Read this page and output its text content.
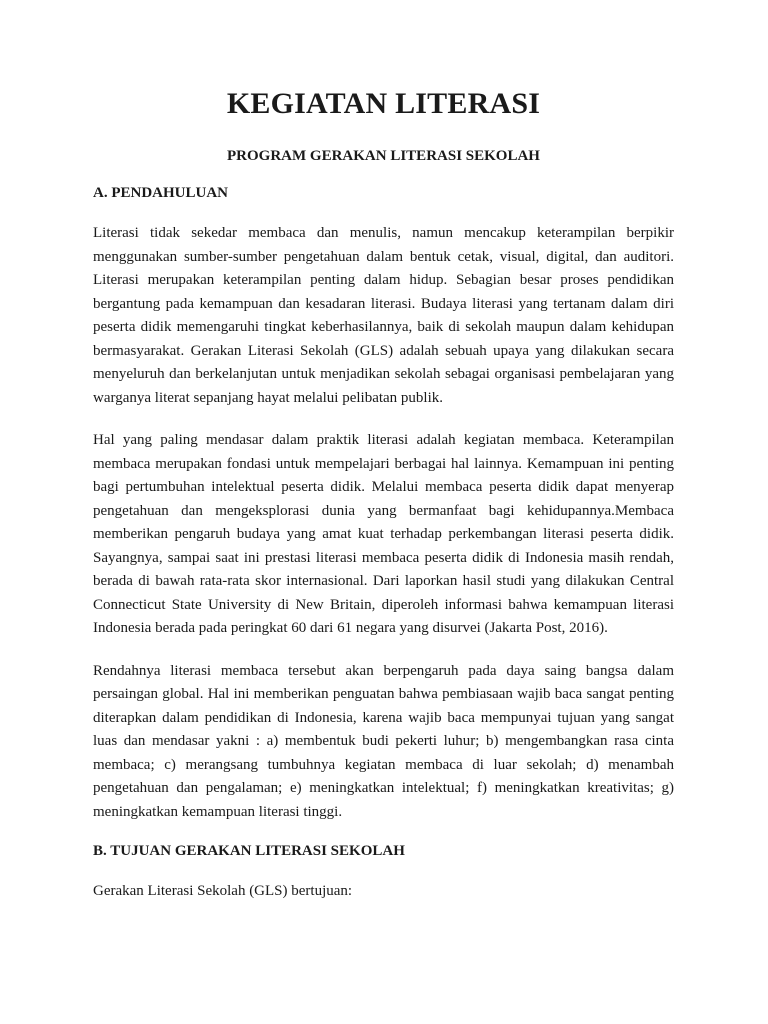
KEGIATAN LITERASI
PROGRAM GERAKAN LITERASI SEKOLAH
A. PENDAHULUAN

Literasi tidak sekedar membaca dan menulis, namun mencakup keterampilan berpikir menggunakan sumber-sumber pengetahuan dalam bentuk cetak, visual, digital, dan auditori. Literasi merupakan keterampilan penting dalam hidup. Sebagian besar proses pendidikan bergantung pada kemampuan dan kesadaran literasi. Budaya literasi yang tertanam dalam diri peserta didik memengaruhi tingkat keberhasilannya, baik di sekolah maupun dalam kehidupan bermasyarakat. Gerakan Literasi Sekolah (GLS) adalah sebuah upaya yang dilakukan secara menyeluruh dan berkelanjutan untuk menjadikan sekolah sebagai organisasi pembelajaran yang warganya literat sepanjang hayat melalui pelibatan publik.

Hal yang paling mendasar dalam praktik literasi adalah kegiatan membaca. Keterampilan membaca merupakan fondasi untuk mempelajari berbagai hal lainnya. Kemampuan ini penting bagi pertumbuhan intelektual peserta didik. Melalui membaca peserta didik dapat menyerap pengetahuan dan mengeksplorasi dunia yang bermanfaat bagi kehidupannya.Membaca memberikan pengaruh budaya yang amat kuat terhadap perkembangan literasi peserta didik. Sayangnya, sampai saat ini prestasi literasi membaca peserta didik di Indonesia masih rendah, berada di bawah rata-rata skor internasional. Dari laporkan hasil studi yang dilakukan Central Connecticut State University di New Britain, diperoleh informasi bahwa kemampuan literasi Indonesia berada pada peringkat 60 dari 61 negara yang disurvei (Jakarta Post, 2016).

Rendahnya literasi membaca tersebut akan berpengaruh pada daya saing bangsa dalam persaingan global. Hal ini memberikan penguatan bahwa pembiasaan wajib baca sangat penting diterapkan dalam pendidikan di Indonesia, karena wajib baca mempunyai tujuan yang sangat luas dan mendasar yakni : a) membentuk budi pekerti luhur; b) mengembangkan rasa cinta membaca; c) merangsang tumbuhnya kegiatan membaca di luar sekolah; d) menambah pengetahuan dan pengalaman; e) meningkatkan intelektual; f) meningkatkan kreativitas; g) meningkatkan kemampuan literasi tinggi.

B. TUJUAN GERAKAN LITERASI SEKOLAH

Gerakan Literasi Sekolah (GLS) bertujuan:
